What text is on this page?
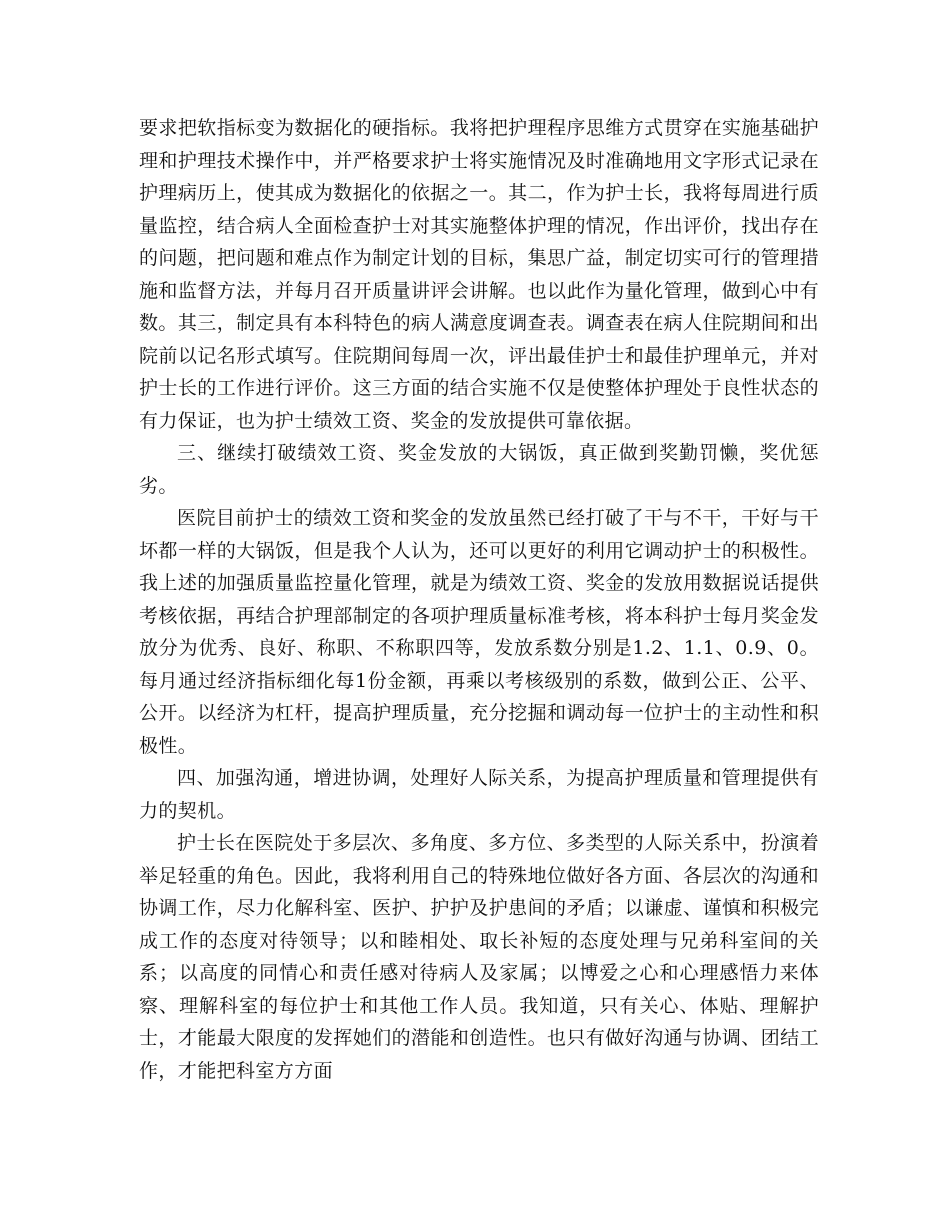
要求把软指标变为数据化的硬指标。我将把护理程序思维方式贯穿在实施基础护理和护理技术操作中，并严格要求护士将实施情况及时准确地用文字形式记录在护理病历上，使其成为数据化的依据之一。其二，作为护士长，我将每周进行质量监控，结合病人全面检查护士对其实施整体护理的情况，作出评价，找出存在的问题，把问题和难点作为制定计划的目标，集思广益，制定切实可行的管理措施和监督方法，并每月召开质量讲评会讲解。也以此作为量化管理，做到心中有数。其三，制定具有本科特色的病人满意度调查表。调查表在病人住院期间和出院前以记名形式填写。住院期间每周一次，评出最佳护士和最佳护理单元，并对护士长的工作进行评价。这三方面的结合实施不仅是使整体护理处于良性状态的有力保证，也为护士绩效工资、奖金的发放提供可靠依据。

三、继续打破绩效工资、奖金发放的大锅饭，真正做到奖勤罚懒，奖优惩劣。

医院目前护士的绩效工资和奖金的发放虽然已经打破了干与不干，干好与干坏都一样的大锅饭，但是我个人认为，还可以更好的利用它调动护士的积极性。我上述的加强质量监控量化管理，就是为绩效工资、奖金的发放用数据说话提供考核依据，再结合护理部制定的各项护理质量标准考核，将本科护士每月奖金发放分为优秀、良好、称职、不称职四等，发放系数分别是1.2、1.1、0.9、0。每月通过经济指标细化每1份金额，再乘以考核级别的系数，做到公正、公平、公开。以经济为杠杆，提高护理质量，充分挖掘和调动每一位护士的主动性和积极性。

四、加强沟通，增进协调，处理好人际关系，为提高护理质量和管理提供有力的契机。

护士长在医院处于多层次、多角度、多方位、多类型的人际关系中，扮演着举足轻重的角色。因此，我将利用自己的特殊地位做好各方面、各层次的沟通和协调工作，尽力化解科室、医护、护护及护患间的矛盾；以谦虚、谨慎和积极完成工作的态度对待领导；以和睦相处、取长补短的态度处理与兄弟科室间的关系；以高度的同情心和责任感对待病人及家属；以博爱之心和心理感悟力来体察、理解科室的每位护士和其他工作人员。我知道，只有关心、体贴、理解护士，才能最大限度的发挥她们的潜能和创造性。也只有做好沟通与协调、团结工作，才能把科室方方面
